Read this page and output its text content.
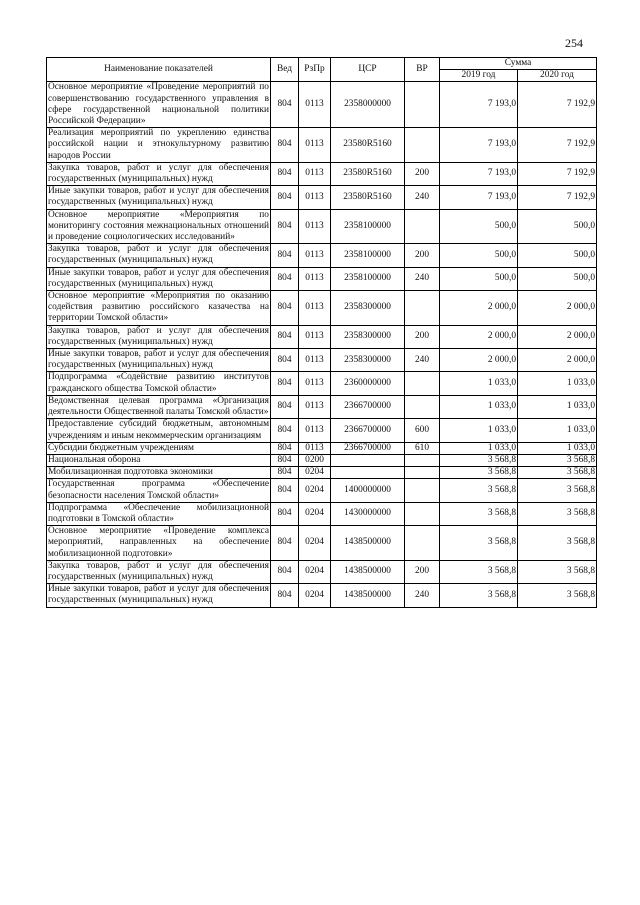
254
Наименование показателей	Вед	РзПр	ЦСР	ВР	Сумма	
					2019 год	2020 год
Основное мероприятие «Проведение мероприятий по совершенствованию государственного управления в сфере государственной национальной политики Российской Федерации»	804	0113	2358000000		7 193,0	7 192,9
Реализация мероприятий по укреплению единства российской нации и этнокультурному развитию народов России	804	0113	23580R5160		7 193,0	7 192,9
Закупка товаров, работ и услуг для обеспечения государственных (муниципальных) нужд	804	0113	23580R5160	200	7 193,0	7 192,9
Иные закупки товаров, работ и услуг для обеспечения государственных (муниципальных) нужд	804	0113	23580R5160	240	7 193,0	7 192,9
Основное мероприятие «Мероприятия по мониторингу состояния межнациональных отношений и проведение социологических исследований»	804	0113	2358100000		500,0	500,0
Закупка товаров, работ и услуг для обеспечения государственных (муниципальных) нужд	804	0113	2358100000	200	500,0	500,0
Иные закупки товаров, работ и услуг для обеспечения государственных (муниципальных) нужд	804	0113	2358100000	240	500,0	500,0
Основное мероприятие «Мероприятия по оказанию содействия развитию российского казачества на территории Томской области»	804	0113	2358300000		2 000,0	2 000,0
Закупка товаров, работ и услуг для обеспечения государственных (муниципальных) нужд	804	0113	2358300000	200	2 000,0	2 000,0
Иные закупки товаров, работ и услуг для обеспечения государственных (муниципальных) нужд	804	0113	2358300000	240	2 000,0	2 000,0
Подпрограмма «Содействие развитию институтов гражданского общества Томской области»	804	0113	2360000000		1 033,0	1 033,0
Ведомственная целевая программа «Организация деятельности Общественной палаты Томской области»	804	0113	2366700000		1 033,0	1 033,0
Предоставление субсидий бюджетным, автономным учреждениям и иным некоммерческим организациям	804	0113	2366700000	600	1 033,0	1 033,0
Субсидии бюджетным учреждениям	804	0113	2366700000	610	1 033,0	1 033,0
Национальная оборона	804	0200			3 568,8	3 568,8
Мобилизационная подготовка экономики	804	0204			3 568,8	3 568,8
Государственная программа «Обеспечение безопасности населения Томской области»	804	0204	1400000000		3 568,8	3 568,8
Подпрограмма «Обеспечение мобилизационной подготовки в Томской области»	804	0204	1430000000		3 568,8	3 568,8
Основное мероприятие «Проведение комплекса мероприятий, направленных на обеспечение мобилизационной подготовки»	804	0204	1438500000		3 568,8	3 568,8
Закупка товаров, работ и услуг для обеспечения государственных (муниципальных) нужд	804	0204	1438500000	200	3 568,8	3 568,8
Иные закупки товаров, работ и услуг для обеспечения государственных (муниципальных) нужд	804	0204	1438500000	240	3 568,8	3 568,8
